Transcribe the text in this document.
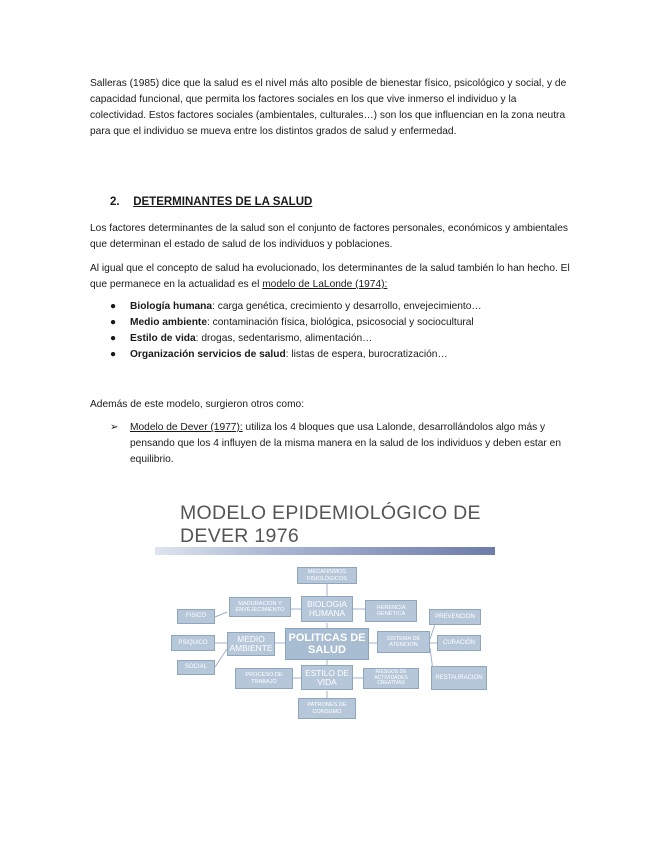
Salleras (1985) dice que la salud es el nivel más alto posible de bienestar físico, psicológico y social, y de capacidad funcional, que permita los factores sociales en los que vive inmerso el individuo y la colectividad. Estos factores sociales (ambientales, culturales…) son los que influencian en la zona neutra para que el individuo se mueva entre los distintos grados de salud y enfermedad.

2. DETERMINANTES DE LA SALUD

Los factores determinantes de la salud son el conjunto de factores personales, económicos y ambientales que determinan el estado de salud de los individuos y poblaciones.

Al igual que el concepto de salud ha evolucionado, los determinantes de la salud también lo han hecho. El que permanece en la actualidad es el modelo de LaLonde (1974):

● Biología humana: carga genética, crecimiento y desarrollo, envejecimiento…
● Medio ambiente: contaminación física, biológica, psicosocial y sociocultural
● Estilo de vida: drogas, sedentarismo, alimentación…
● Organización servicios de salud: listas de espera, burocratización…

Además de este modelo, surgieron otros como:

➢ Modelo de Dever (1977): utiliza los 4 bloques que usa Lalonde, desarrollándolos algo más y pensando que los 4 influyen de la misma manera en la salud de los individuos y deben estar en equilibrio.
MODELO EPIDEMIOLÓGICO DE
DEVER 1976
MECANISMOS FISIOLÓGICOS
MADURACION Y ENVEJECIMIENTO
BIOLOGIA HUMANA
HERENCIA GENÉTICA
FISICO
PSIQUICO
SOCIAL
MEDIO AMBIENTE
POLITICAS DE SALUD
SISTEMA DE ATENCION
PREVENCION
CURACIÓN
RESTAURACION
PROCESO DE TRABAJO
ESTILO DE VIDA
RIESGOS DE ACTIVIDADES CREATIVAS
PATRONES DE CONSUMO
